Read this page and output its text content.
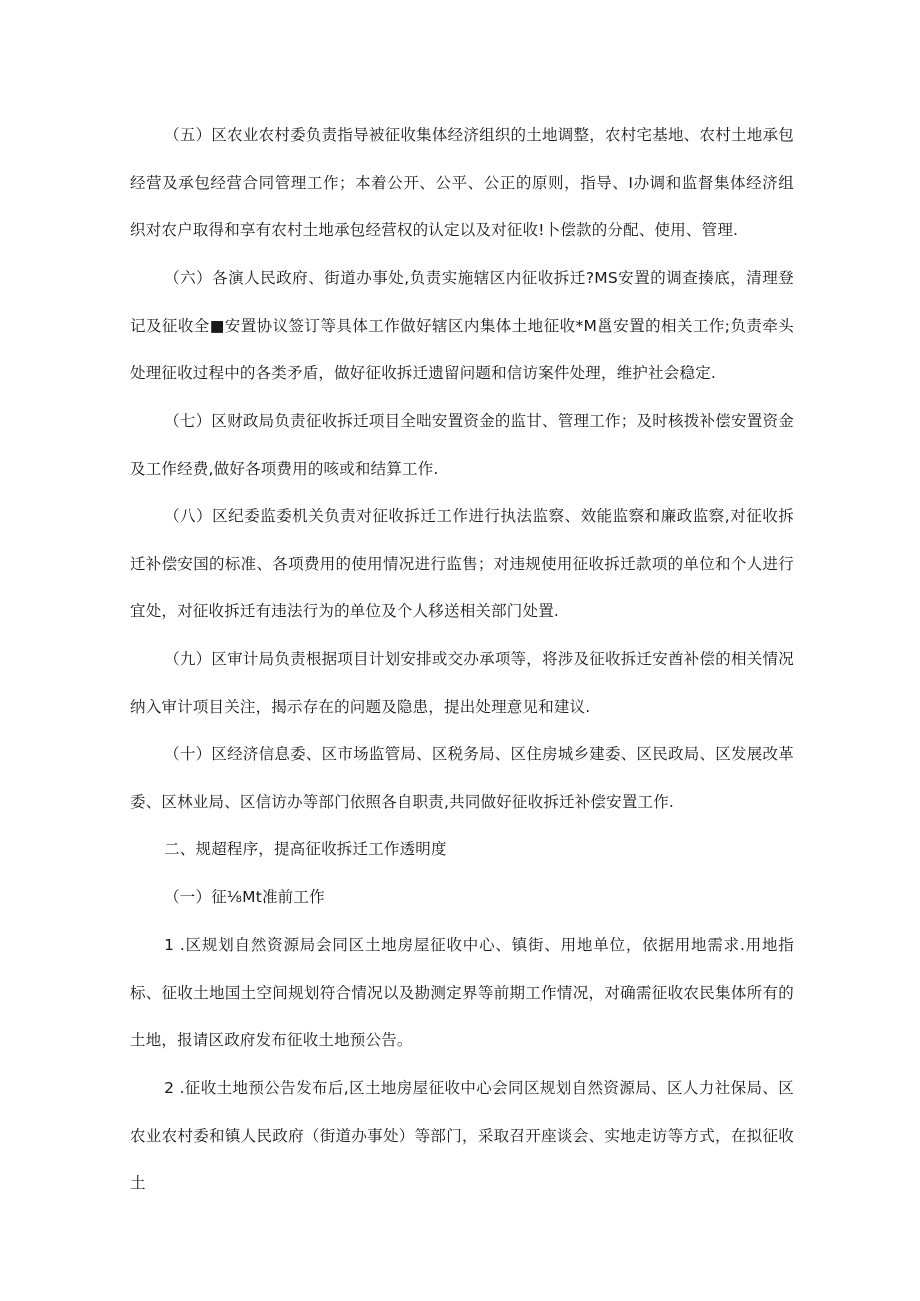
（五）区农业农村委负责指导被征收集体经济组织的土地调整，农村宅基地、农村土地承包经营及承包经营合同管理工作；本着公开、公平、公正的原则，指导、I办调和监督集体经济组织对农户取得和享有农村土地承包经营权的认定以及对征收!卜偿款的分配、使用、管理.

（六）各演人民政府、街道办事处,负责实施辖区内征收拆迁?MS安置的调查揍底，清理登记及征收全■安置协议签订等具体工作做好辖区内集体土地征收*M邕安置的相关工作;负责牵头处理征收过程中的各类矛盾，做好征收拆迁遗留问题和信访案件处理，维护社会稳定.

（七）区财政局负责征收拆迁项目全咄安置资金的监甘、管理工作；及时核拨补偿安置资金及工作经费,做好各项费用的咳或和结算工作.

（八）区纪委监委机关负责对征收拆迁工作进行执法监察、效能监察和廉政监察,对征收拆迁补偿安国的标准、各项费用的使用情况进行监售；对违规使用征收拆迁款项的单位和个人进行宜处，对征收拆迁有违法行为的单位及个人移送相关部门处置.

（九）区审计局负责根据项目计划安排或交办承项等，将涉及征收拆迁安酋补偿的相关情况纳入审计项目关注，揭示存在的问题及隐患，提出处理意见和建议.

（十）区经济信息委、区市场监管局、区税务局、区住房城乡建委、区民政局、区发展改革委、区林业局、区信访办等部门依照各自职责,共同做好征收拆迁补偿安置工作.

二、规超程序，提高征收拆迁工作透明度

（一）征⅛Mt准前工作

1 .区规划自然资源局会同区土地房屋征收中心、镇街、用地单位，依据用地需求.用地指标、征收土地国土空间规划符合情况以及勘测定界等前期工作情况，对确需征收农民集体所有的土地，报请区政府发布征收土地预公告。

2 .征收土地预公告发布后,区土地房屋征收中心会同区规划自然资源局、区人力社保局、区农业农村委和镇人民政府（街道办事处）等部门，采取召开座谈会、实地走访等方式，在拟征收土
